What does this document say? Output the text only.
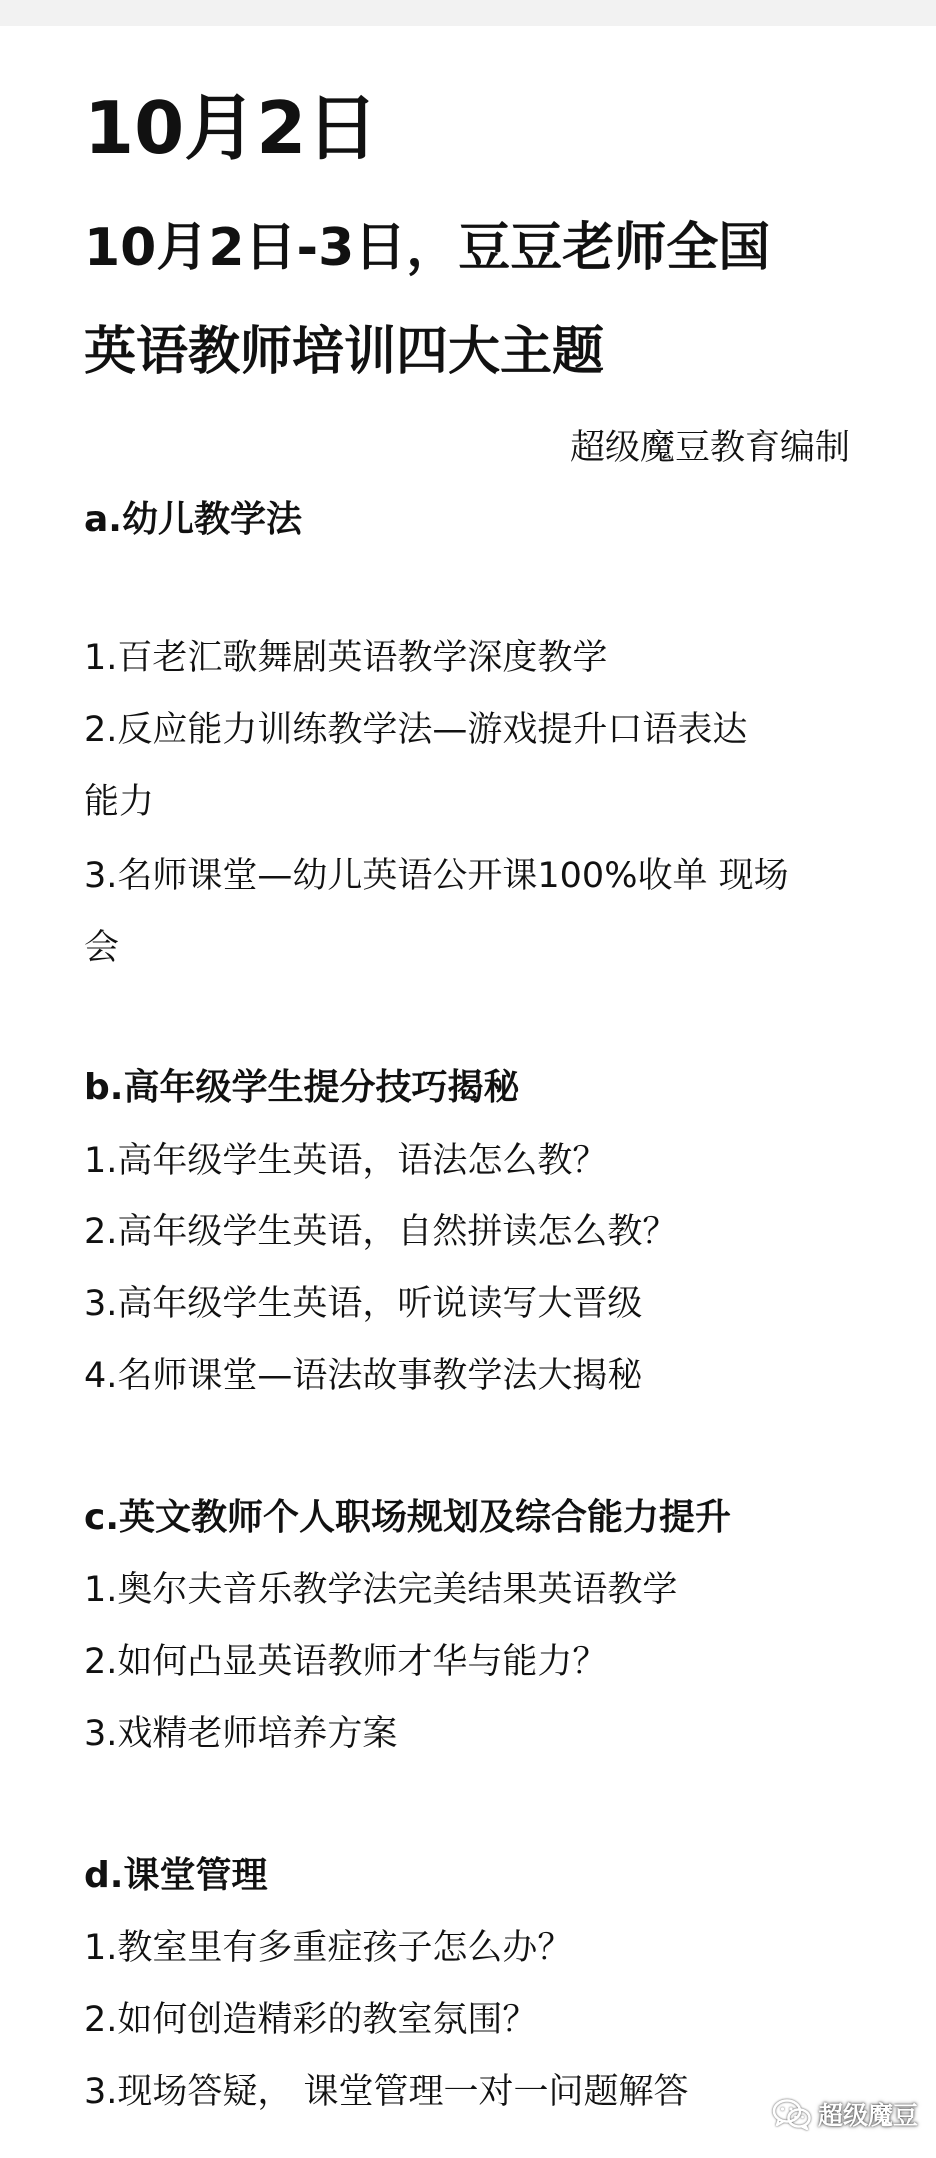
10月2日
10月2日-3日，豆豆老师全国
英语教师培训四大主题
超级魔豆教育编制
a.幼儿教学法
1.百老汇歌舞剧英语教学深度教学
2.反应能力训练教学法—游戏提升口语表达
能力
3.名师课堂—幼儿英语公开课100%收单 现场
会
b.高年级学生提分技巧揭秘
1.高年级学生英语，语法怎么教？
2.高年级学生英语，自然拼读怎么教？
3.高年级学生英语，听说读写大晋级
4.名师课堂—语法故事教学法大揭秘
c.英文教师个人职场规划及综合能力提升
1.奥尔夫音乐教学法完美结果英语教学
2.如何凸显英语教师才华与能力？
3.戏精老师培养方案
d.课堂管理
1.教室里有多重症孩子怎么办？
2.如何创造精彩的教室氛围？
3.现场答疑， 课堂管理一对一问题解答
超级魔豆
